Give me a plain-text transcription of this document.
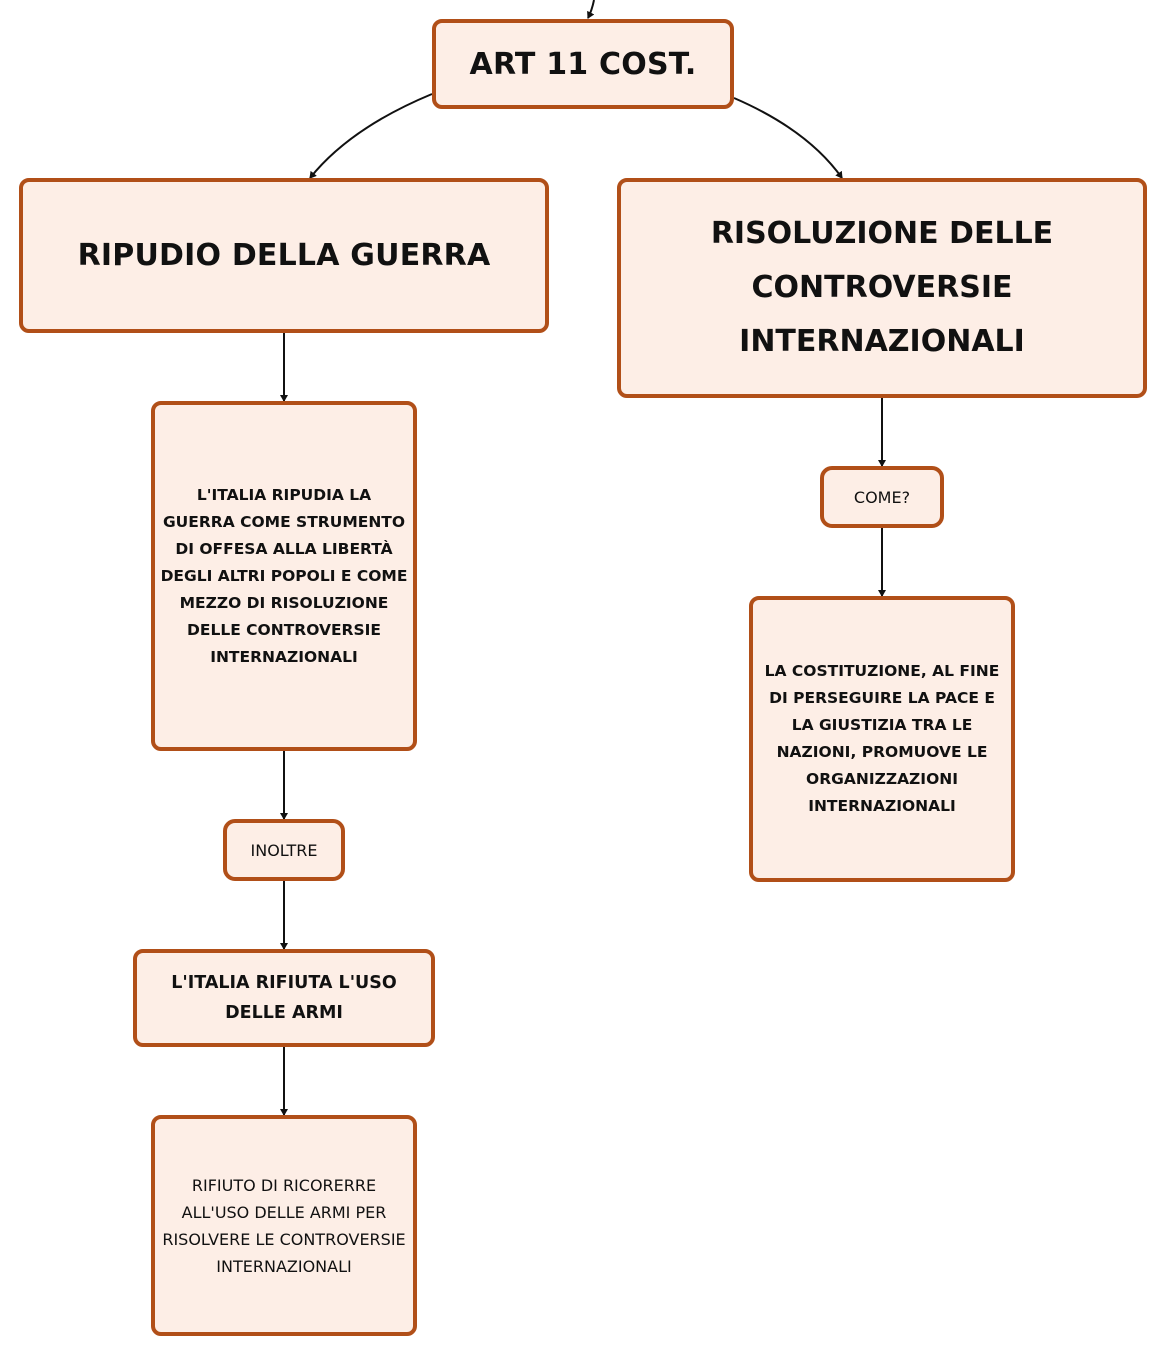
ART 11 COST.
RIPUDIO DELLA GUERRA
RISOLUZIONE DELLE CONTROVERSIE INTERNAZIONALI
L'ITALIA RIPUDIA LA GUERRA COME STRUMENTO DI OFFESA ALLA LIBERTÀ DEGLI ALTRI POPOLI E COME MEZZO DI RISOLUZIONE DELLE CONTROVERSIE INTERNAZIONALI
INOLTRE
L'ITALIA RIFIUTA L'USO DELLE ARMI
RIFIUTO DI RICORERRE ALL'USO DELLE ARMI PER RISOLVERE LE CONTROVERSIE INTERNAZIONALI
COME?
LA COSTITUZIONE, AL FINE DI PERSEGUIRE LA PACE E LA GIUSTIZIA TRA LE NAZIONI, PROMUOVE LE ORGANIZZAZIONI INTERNAZIONALI
